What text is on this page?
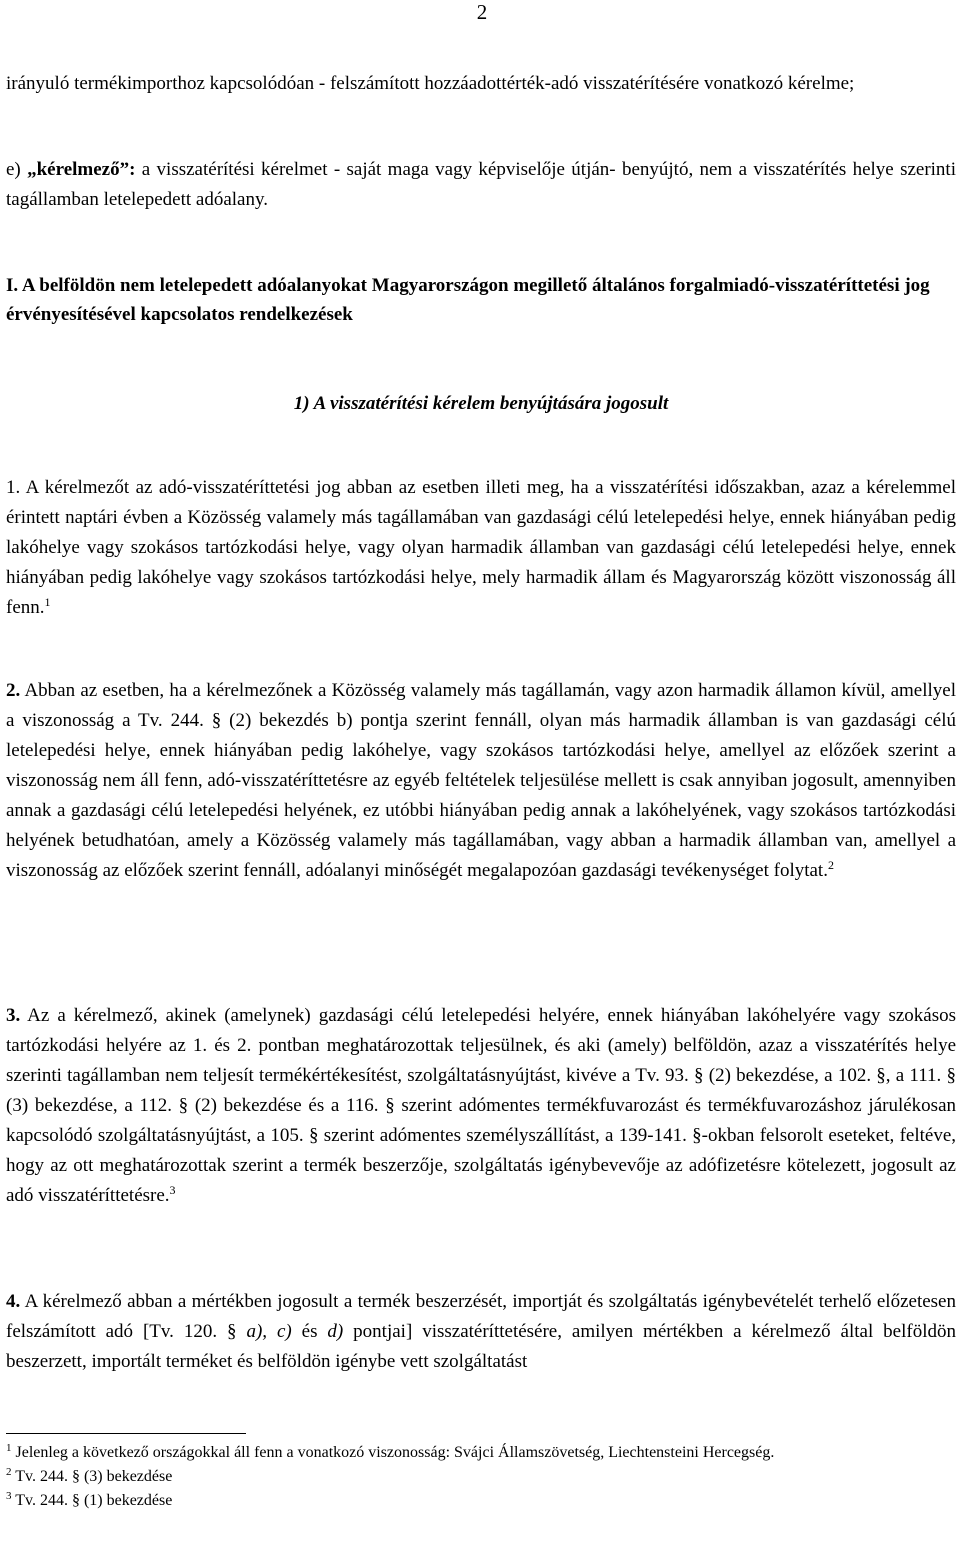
2

irányuló termékimporthoz kapcsolódóan - felszámított hozzáadottérték-adó visszatérítésére vonatkozó kérelme;

e) „kérelmező”: a visszatérítési kérelmet - saját maga vagy képviselője útján- benyújtó, nem a visszatérítés helye szerinti tagállamban letelepedett adóalany.

I. A belföldön nem letelepedett adóalanyokat Magyarországon megillető általános forgalmiadó-visszatéríttetési jog érvényesítésével kapcsolatos rendelkezések
1) A visszatérítési kérelem benyújtására jogosult

1. A kérelmezőt az adó-visszatéríttetési jog abban az esetben illeti meg, ha a visszatérítési időszakban, azaz a kérelemmel érintett naptári évben a Közösség valamely más tagállamában van gazdasági célú letelepedési helye, ennek hiányában pedig lakóhelye vagy szokásos tartózkodási helye, vagy olyan harmadik államban van gazdasági célú letelepedési helye, ennek hiányában pedig lakóhelye vagy szokásos tartózkodási helye, mely harmadik állam és Magyarország között viszonosság áll fenn.$^1$

2. Abban az esetben, ha a kérelmezőnek a Közösség valamely más tagállamán, vagy azon harmadik államon kívül, amellyel a viszonosság a Tv. 244. § (2) bekezdés b) pontja szerint fennáll, olyan más harmadik államban is van gazdasági célú letelepedési helye, ennek hiányában pedig lakóhelye, vagy szokásos tartózkodási helye, amellyel az előzőek szerint a viszonosság nem áll fenn, adó-visszatéríttetésre az egyéb feltételek teljesülése mellett is csak annyiban jogosult, amennyiben annak a gazdasági célú letelepedési helyének, ez utóbbi hiányában pedig annak a lakóhelyének, vagy szokásos tartózkodási helyének betudhatóan, amely a Közösség valamely más tagállamában, vagy abban a harmadik államban van, amellyel a viszonosság az előzőek szerint fennáll, adóalanyi minőségét megalapozóan gazdasági tevékenységet folytat.$^2$

3. Az a kérelmező, akinek (amelynek) gazdasági célú letelepedési helyére, ennek hiányában lakóhelyére vagy szokásos tartózkodási helyére az 1. és 2. pontban meghatározottak teljesülnek, és aki (amely) belföldön, azaz a visszatérítés helye szerinti tagállamban nem teljesít termékértékesítést, szolgáltatásnyújtást, kivéve a Tv. 93. § (2) bekezdése, a 102. §, a 111. § (3) bekezdése, a 112. § (2) bekezdése és a 116. § szerint adómentes termékfuvarozást és termékfuvarozáshoz járulékosan kapcsolódó szolgáltatásnyújtást, a 105. § szerint adómentes személyszállítást, a 139-141. §-okban felsorolt eseteket, feltéve, hogy az ott meghatározottak szerint a termék beszerzője, szolgáltatás igénybevevője az adófizetésre kötelezett, jogosult az adó visszatéríttetésre.$^3$

4. A kérelmező abban a mértékben jogosult a termék beszerzését, importját és szolgáltatás igénybevételét terhelő előzetesen felszámított adó [Tv. 120. § a), c) és d) pontjai] visszatéríttetésére, amilyen mértékben a kérelmező által belföldön beszerzett, importált terméket és belföldön igénybe vett szolgáltatást

$^1$ Jelenleg a következő országokkal áll fenn a vonatkozó viszonosság: Svájci Államszövetség, Liechtensteini Hercegség.

$^2$ Tv. 244. § (3) bekezdése

$^3$ Tv. 244. § (1) bekezdése
